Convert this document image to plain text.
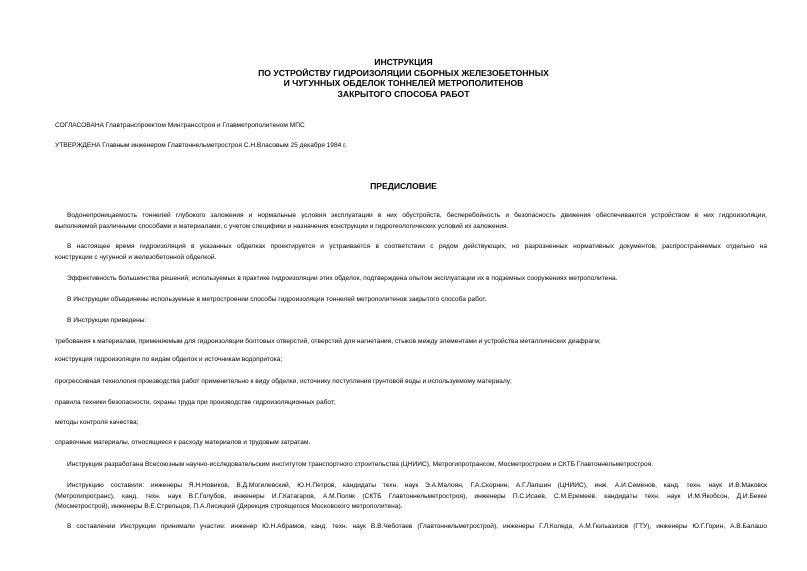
ИНСТРУКЦИЯ
ПО УСТРОЙСТВУ ГИДРОИЗОЛЯЦИИ СБОРНЫХ ЖЕЛЕЗОБЕТОННЫХ
И ЧУГУННЫХ ОБДЕЛОК ТОННЕЛЕЙ МЕТРОПОЛИТЕНОВ
ЗАКРЫТОГО СПОСОБА РАБОТ
СОГЛАСОВАНА Главтранспроектом Минтрансстроя и Главметрополитеном МПС
УТВЕРЖДЕНА Главным инженером Главтоннельметростроя С.Н.Власовым 25 декабря 1984 г.
ПРЕДИСЛОВИЕ
Водонепроницаемость тоннелей глубокого заложения и нормальные условия эксплуатации в них обустройств, бесперебойность и безопасность движения обеспечиваются устройством в них гидроизоляции,
выполняемой различными способами и материалами, с учетом специфики и назначения конструкции и гидрогеологических условий их заложения.
В настоящее время гидроизоляция в указанных обделках проектируется и устраивается в соответствии с рядом действующих, но разрозненных нормативных документов, распространяемых отдельно на
конструкции с чугунной и железобетонной обделкой.
Эффективность большинства решений, используемых в практике гидроизоляции этих обделок, подтверждена опытом эксплуатации их в подземных сооружениях метрополитена.
В Инструкции объединены используемые в метростроении способы гидроизоляции тоннелей метрополитенов закрытого способа работ.
В Инструкции приведены:
требования к материалам, применяемым для гидроизоляции болтовых отверстий, отверстий для нагнетания, стыков между элементами и устройства металлических диафрагм;
конструкция гидроизоляции по видам обделок и источникам водопритока;
прогрессивная технология производства работ применительно к виду обделки, источнику поступления грунтовой воды и используемому материалу;
правила техники безопасности, охраны труда при производстве гидроизоляционных работ;
методы контроля качества;
справочные материалы, относящиеся к расходу материалов и трудовым затратам.
Инструкция разработана Всесоюзным научно-исследовательским институтом транспортного строительства (ЦНИИС), Метрогипротрансом, Мосметростроем и СКТБ Главтоннельметростроя.
Инструкцию составили: инженеры Я.Н.Новиков, В.Д.Могилевский, Ю.Н.Петров, кандидаты техн. наук Э.А.Малоян, Г.А.Скорнин, А.Г.Лапшин (ЦНИИС), инж. А.И.Семенов, канд. техн. наук И.В.Маковск
(Метрогипротранс), канд. техн. наук В.Г.Голубов, инженеры И.Г.Катагаров, А.М.Поляк (СКТБ Главтоннельметростроя), инженеры П.С.Исаев, С.М.Еремеев, кандидаты техн. наук И.М.Якобсон, Д.И.Бекке
(Мосметрострой), инженеры В.Е.Стрельцов, П.А.Лисицкий (Дирекция строящегося Московского метрополитена).
В составлении Инструкции принимали участие: инженер Ю.Н.Абрамов, канд. техн. наук В.В.Чеботаев (Главтоннельметрострой), инженеры Г.Л.Коледа, А.М.Гюльазизов (ГТУ), инженеры Ю.Г.Горин, А.В.Балашо
